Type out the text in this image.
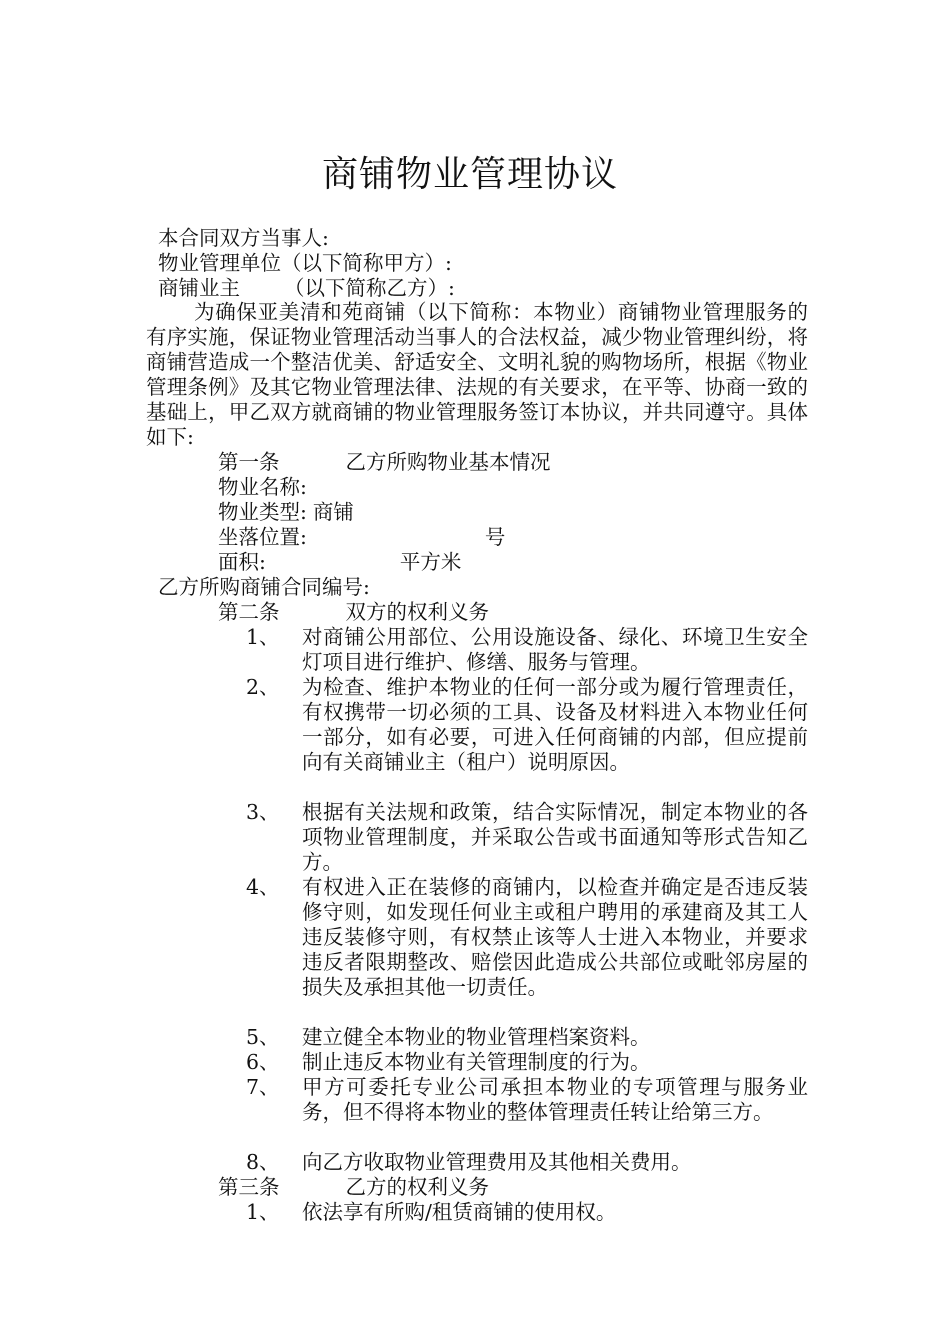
商铺物业管理协议
本合同双方当事人:
物业管理单位（以下简称甲方）:
商铺业主 （以下简称乙方）:
为确保亚美清和苑商铺（以下简称：本物业）商铺物业管理服务的有序实施，保证物业管理活动当事人的合法权益，减少物业管理纠纷，将商铺营造成一个整洁优美、舒适安全、文明礼貌的购物场所，根据《物业管理条例》及其它物业管理法律、法规的有关要求，在平等、协商一致的基础上，甲乙双方就商铺的物业管理服务签订本协议，并共同遵守。具体如下:
第一条	乙方所购物业基本情况
物业名称:
物业类型: 商铺
坐落位置:	号
面积:	平方米
乙方所购商铺合同编号:
第二条	双方的权利义务
1、 对商铺公用部位、公用设施设备、绿化、环境卫生安全灯项目进行维护、修缮、服务与管理。
2、 为检查、维护本物业的任何一部分或为履行管理责任，有权携带一切必须的工具、设备及材料进入本物业任何一部分，如有必要，可进入任何商铺的内部，但应提前向有关商铺业主（租户）说明原因。
3、 根据有关法规和政策，结合实际情况，制定本物业的各项物业管理制度，并采取公告或书面通知等形式告知乙方。
4、 有权进入正在装修的商铺内，以检查并确定是否违反装修守则，如发现任何业主或租户聘用的承建商及其工人违反装修守则，有权禁止该等人士进入本物业，并要求违反者限期整改、赔偿因此造成公共部位或毗邻房屋的损失及承担其他一切责任。
5、 建立健全本物业的物业管理档案资料。
6、 制止违反本物业有关管理制度的行为。
7、 甲方可委托专业公司承担本物业的专项管理与服务业务，但不得将本物业的整体管理责任转让给第三方。
8、 向乙方收取物业管理费用及其他相关费用。
第三条	乙方的权利义务
1、 依法享有所购/租赁商铺的使用权。
